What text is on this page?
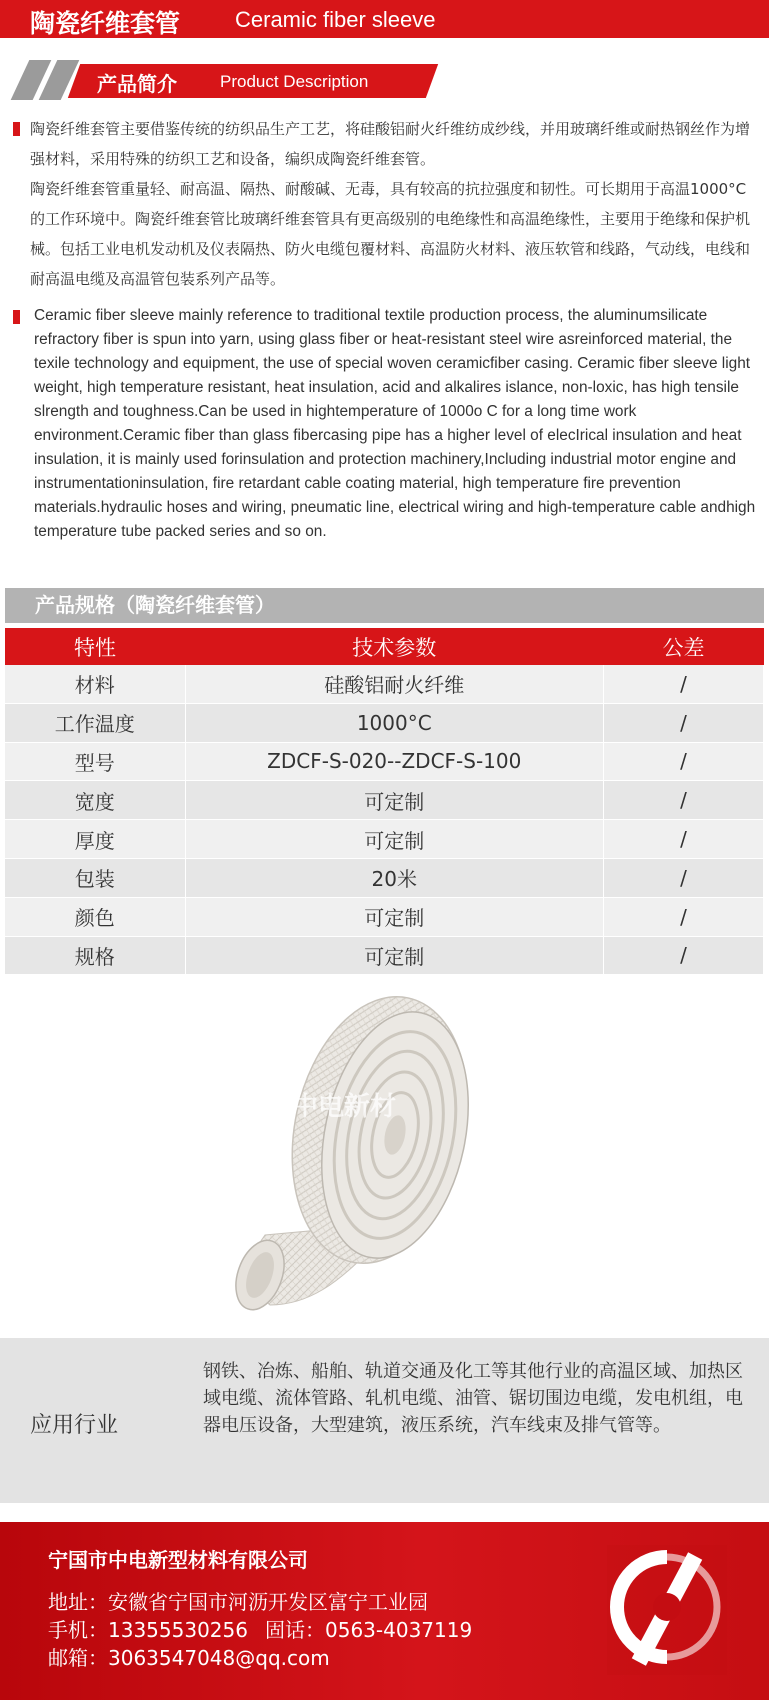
陶瓷纤维套管 Ceramic fiber sleeve
产品简介	Product Description

陶瓷纤维套管主要借鉴传统的纺织品生产工艺，将硅酸铝耐火纤维纺成纱线，并用玻璃纤维或耐热钢丝作为增强材料，采用特殊的纺织工艺和设备，编织成陶瓷纤维套管。

陶瓷纤维套管重量轻、耐高温、隔热、耐酸碱、无毒，具有较高的抗拉强度和韧性。可长期用于高温1000°C的工作环境中。陶瓷纤维套管比玻璃纤维套管具有更高级别的电绝缘性和高温绝缘性，主要用于绝缘和保护机械。包括工业电机发动机及仪表隔热、防火电缆包覆材料、高温防火材料、液压软管和线路，气动线，电线和耐高温电缆及高温管包装系列产品等。

Ceramic fiber sleeve mainly reference to traditional textile production process, the aluminumsilicate refractory fiber is spun into yarn, using glass fiber or heat-resistant steel wire asreinforced material, the texile technology and equipment, the use of special woven ceramicfiber casing. Ceramic fiber sleeve light weight, high temperature resistant, heat insulation, acid and alkalires islance, non-loxic, has high tensile slrength and toughness.Can be used in hightemperature of 1000o C for a long time work environment.Ceramic fiber than glass fibercasing pipe has a higher level of elecIrical insulation and heat insulation, it is mainly used forinsulation and protection machinery,Including industrial motor engine and instrumentationinsulation, fire retardant cable coating material, high temperature fire prevention materials.hydraulic hoses and wiring, pneumatic line, electrical wiring and high-temperature cable andhigh temperature tube packed series and so on.
产品规格（陶瓷纤维套管）
特性	技术参数	公差
材料	硅酸铝耐火纤维	/
工作温度	1000°C	/
型号	ZDCF-S-020--ZDCF-S-100	/
宽度	可定制	/
厚度	可定制	/
包装	20米	/
颜色	可定制	/
规格	可定制	/
中电新材
应用行业
钢铁、冶炼、船舶、轨道交通及化工等其他行业的高温区域、加热区域电缆、流体管路、轧机电缆、油管、锯切围边电缆，发电机组，电器电压设备，大型建筑，液压系统，汽车线束及排气管等。
宁国市中电新型材料有限公司
地址：安徽省宁国市河沥开发区富宁工业园
手机：13355530256 固话：0563-4037119
邮箱：3063547048@qq.com
